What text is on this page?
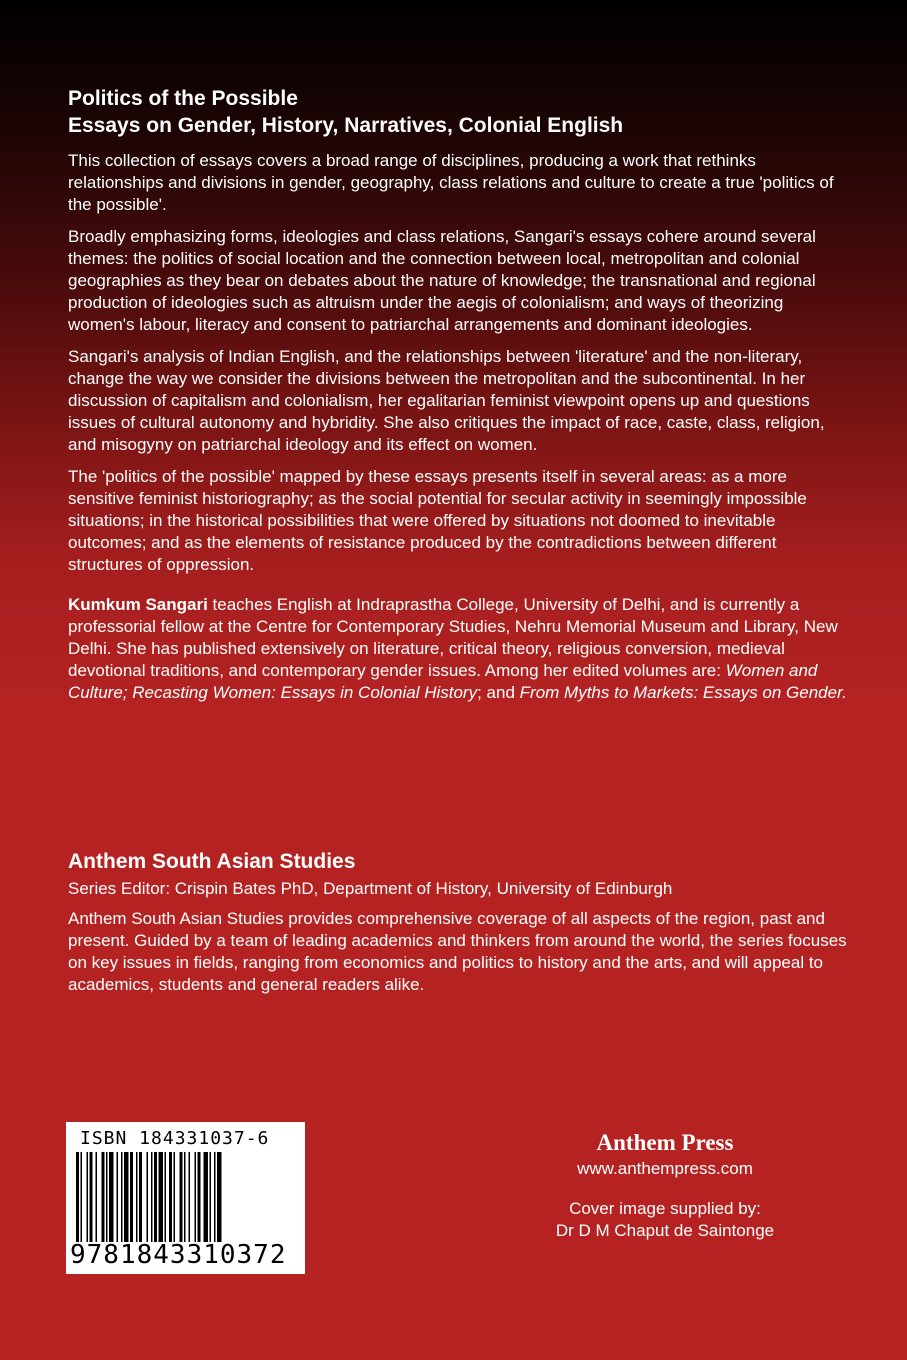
Politics of the Possible
Essays on Gender, History, Narratives, Colonial English

This collection of essays covers a broad range of disciplines, producing a work that rethinks relationships and divisions in gender, geography, class relations and culture to create a true 'politics of the possible'.

Broadly emphasizing forms, ideologies and class relations, Sangari's essays cohere around several themes: the politics of social location and the connection between local, metropolitan and colonial geographies as they bear on debates about the nature of knowledge; the transnational and regional production of ideologies such as altruism under the aegis of colonialism; and ways of theorizing women's labour, literacy and consent to patriarchal arrangements and dominant ideologies.

Sangari's analysis of Indian English, and the relationships between 'literature' and the non-literary, change the way we consider the divisions between the metropolitan and the subcontinental. In her discussion of capitalism and colonialism, her egalitarian feminist viewpoint opens up and questions issues of cultural autonomy and hybridity. She also critiques the impact of race, caste, class, religion, and misogyny on patriarchal ideology and its effect on women.

The 'politics of the possible' mapped by these essays presents itself in several areas: as a more sensitive feminist historiography; as the social potential for secular activity in seemingly impossible situations; in the historical possibilities that were offered by situations not doomed to inevitable outcomes; and as the elements of resistance produced by the contradictions between different structures of oppression.

Kumkum Sangari teaches English at Indraprastha College, University of Delhi, and is currently a professorial fellow at the Centre for Contemporary Studies, Nehru Memorial Museum and Library, New Delhi. She has published extensively on literature, critical theory, religious conversion, medieval devotional traditions, and contemporary gender issues. Among her edited volumes are: Women and Culture; Recasting Women: Essays in Colonial History; and From Myths to Markets: Essays on Gender.

Anthem South Asian Studies
Series Editor: Crispin Bates PhD, Department of History, University of Edinburgh

Anthem South Asian Studies provides comprehensive coverage of all aspects of the region, past and present. Guided by a team of leading academics and thinkers from around the world, the series focuses on key issues in fields, ranging from economics and politics to history and the arts, and will appeal to academics, students and general readers alike.

ISBN 184331037-6
9781843310372
Anthem Press
www.anthempress.com
Cover image supplied by:
Dr D M Chaput de Saintonge
